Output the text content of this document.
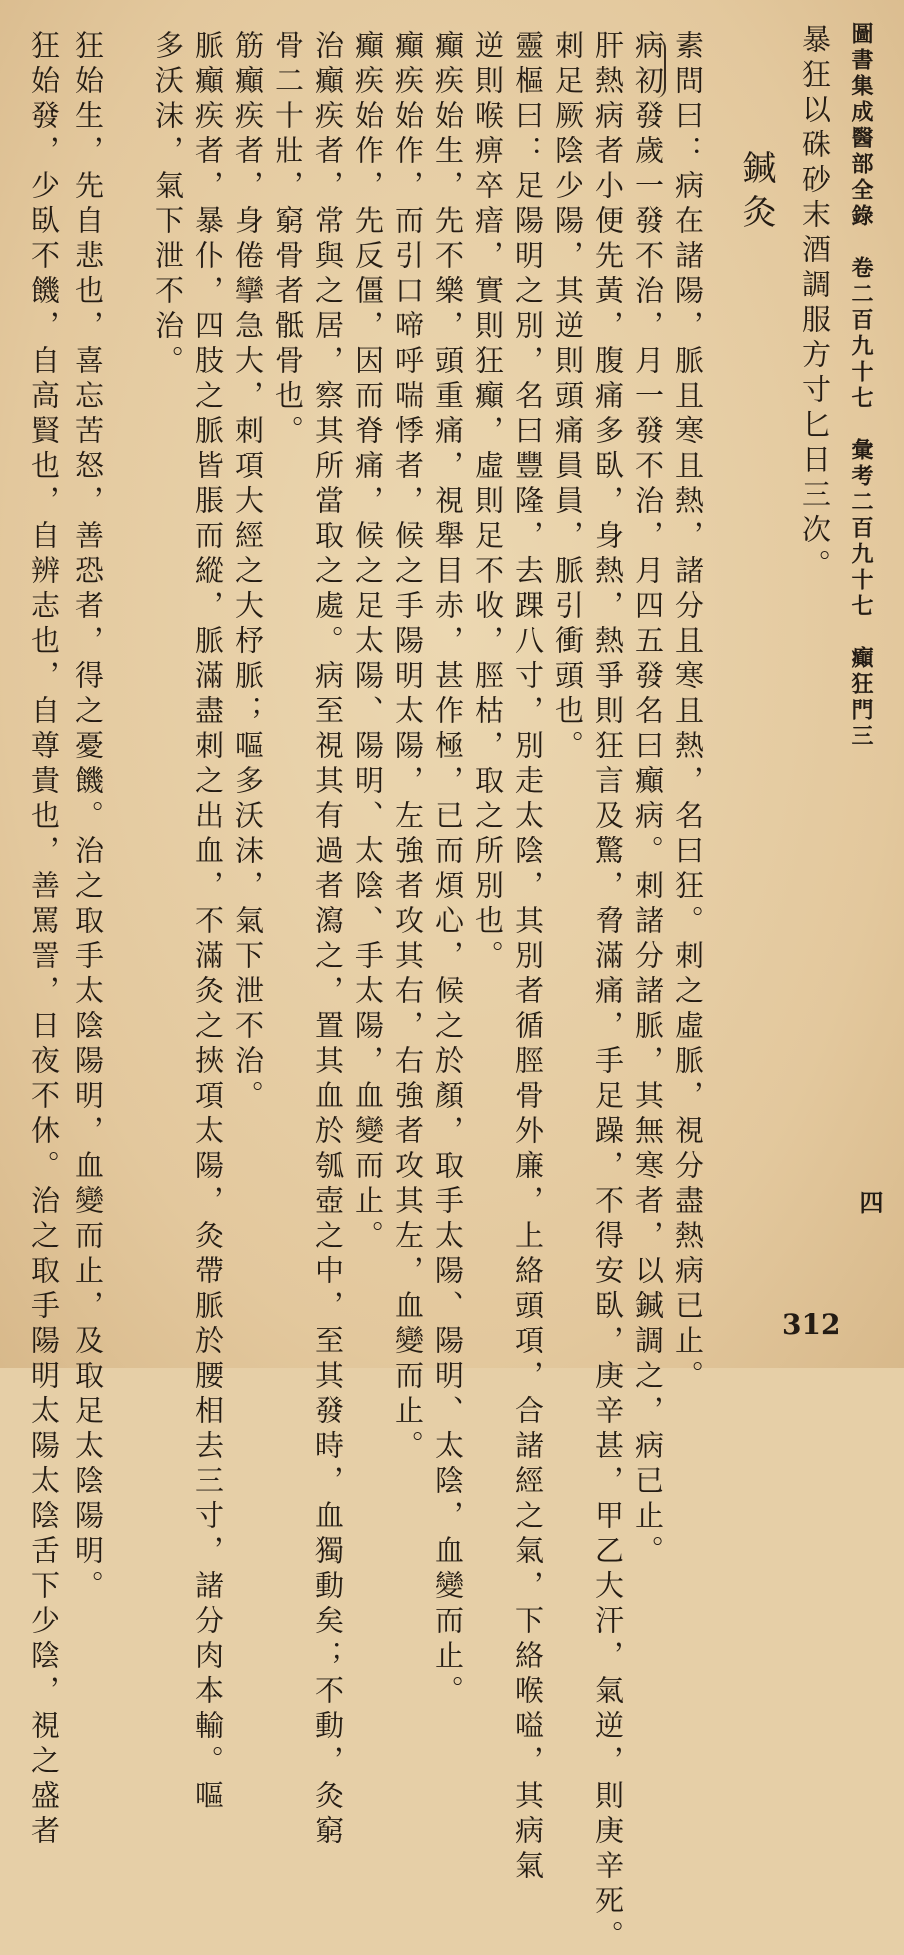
圖書集成醫部全錄　卷二百九十七　彙考二百九十七　癲狂門三
四
鍼灸 暴狂以硃砂末酒調服方寸匕日三次。
素問曰：病在諸陽，脈且寒且熱，諸分且寒且熱，名曰狂。刺之虛脈，視分盡熱病已止。
病初發歲一發不治，月一發不治，月四五發名曰癲病。刺諸分諸脈，其無寒者，以鍼調之，病已止。
肝熱病者小便先黃，腹痛多臥，身熱，熱爭則狂言及驚，脅滿痛，手足躁，不得安臥，庚辛甚，甲乙大汗，氣逆，則庚辛死。
刺足厥陰少陽，其逆則頭痛員員，脈引衝頭也。
靈樞曰：足陽明之別，名曰豐隆，去踝八寸，別走太陰，其別者循脛骨外廉，上絡頭項，合諸經之氣，下絡喉嗌，其病氣
逆則喉痹卒瘖，實則狂癲，虛則足不收，脛枯，取之所別也。
癲疾始生，先不樂，頭重痛，視舉目赤，甚作極，已而煩心，候之於顏，取手太陽、陽明、太陰，血變而止。
癲疾始作，而引口啼呼喘悸者，候之手陽明太陽，左強者攻其右，右強者攻其左，血變而止。
癲疾始作，先反僵，因而脊痛，候之足太陽、陽明、太陰、手太陽，血變而止。
治癲疾者，常與之居，察其所當取之處。病至視其有過者瀉之，置其血於瓠壺之中，至其發時，血獨動矣；不動，灸窮
骨二十壯，窮骨者骶骨也。
筋癲疾者，身倦攣急大，刺項大經之大杼脈；嘔多沃沫，氣下泄不治。
脈癲疾者，暴仆，四肢之脈皆脹而縱，脈滿盡刺之出血，不滿灸之挾項太陽，灸帶脈於腰相去三寸，諸分肉本輸。嘔
多沃沫，氣下泄不治。
狂始生，先自悲也，喜忘苦怒，善恐者，得之憂饑。治之取手太陰陽明，血變而止，及取足太陰陽明。
狂始發，少臥不饑，自高賢也，自辨志也，自尊貴也，善罵詈，日夜不休。治之取手陽明太陽太陰舌下少陰，視之盛者	312
